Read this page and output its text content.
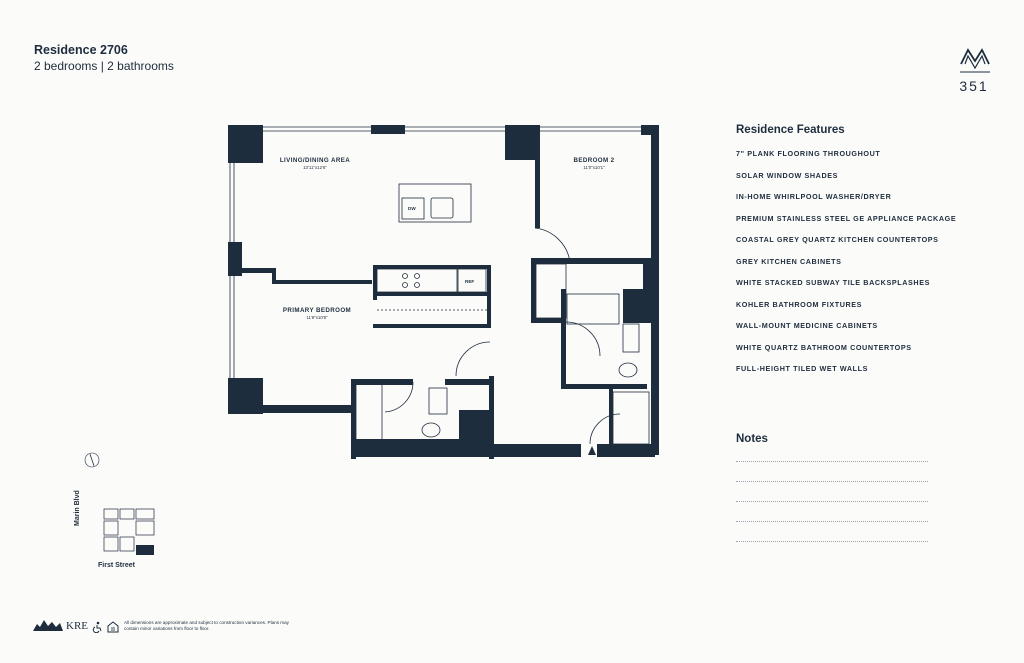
Residence 2706
2 bedrooms | 2 bathrooms
351
DW
REF
W/D
LIVING/DINING AREA
13'11"x12'6"
BEDROOM 2
11'0"x10'1"
PRIMARY BEDROOM
11'8"x10'8"
Residence Features
7" PLANK FLOORING THROUGHOUT
SOLAR WINDOW SHADES
IN-HOME WHIRLPOOL WASHER/DRYER
PREMIUM STAINLESS STEEL GE APPLIANCE PACKAGE
COASTAL GREY QUARTZ KITCHEN COUNTERTOPS
GREY KITCHEN CABINETS
WHITE STACKED SUBWAY TILE BACKSPLASHES
KOHLER BATHROOM FIXTURES
WALL-MOUNT MEDICINE CABINETS
WHITE QUARTZ BATHROOM COUNTERTOPS
FULL-HEIGHT TILED WET WALLS
Notes
Marin Blvd
First Street
KRE	All dimensions are approximate and subject to construction variances. Plans may contain minor variations from floor to floor.
